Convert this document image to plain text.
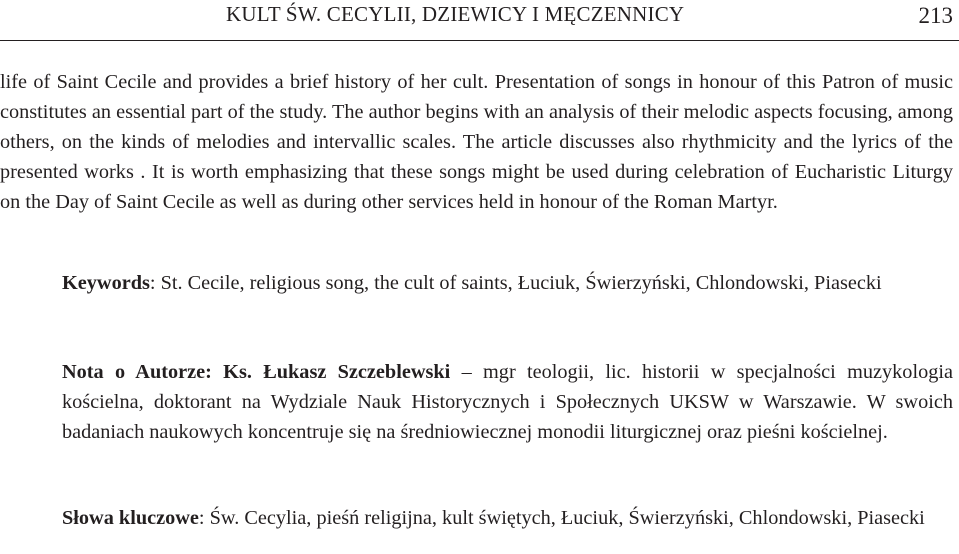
KULT ŚW. CECYLII, DZIEWICY I MĘCZENNICY	213

life of Saint Cecile and provides a brief history of her cult. Presentation of songs in honour of this Patron of music constitutes an essential part of the study. The author begins with an analysis of their melodic aspects focusing, among others, on the kinds of melodies and intervallic scales. The article discusses also rhythmicity and the lyrics of the presented works . It is worth emphasizing that these songs might be used during celebration of Eucharistic Liturgy on the Day of Saint Cecile as well as during other services held in honour of the Roman Martyr.

Keywords: St. Cecile, religious song, the cult of saints, Łuciuk, Świerzyński, Chlondowski, Piasecki

Nota o Autorze: Ks. Łukasz Szczeblewski – mgr teologii, lic. historii w specjalności muzykologia kościelna, doktorant na Wydziale Nauk Historycznych i Społecznych UKSW w Warszawie. W swoich badaniach naukowych koncentruje się na średniowiecznej monodii liturgicznej oraz pieśni kościelnej.

Słowa kluczowe: Św. Cecylia, pieśń religijna, kult świętych, Łuciuk, Świerzyński, Chlondowski, Piasecki
